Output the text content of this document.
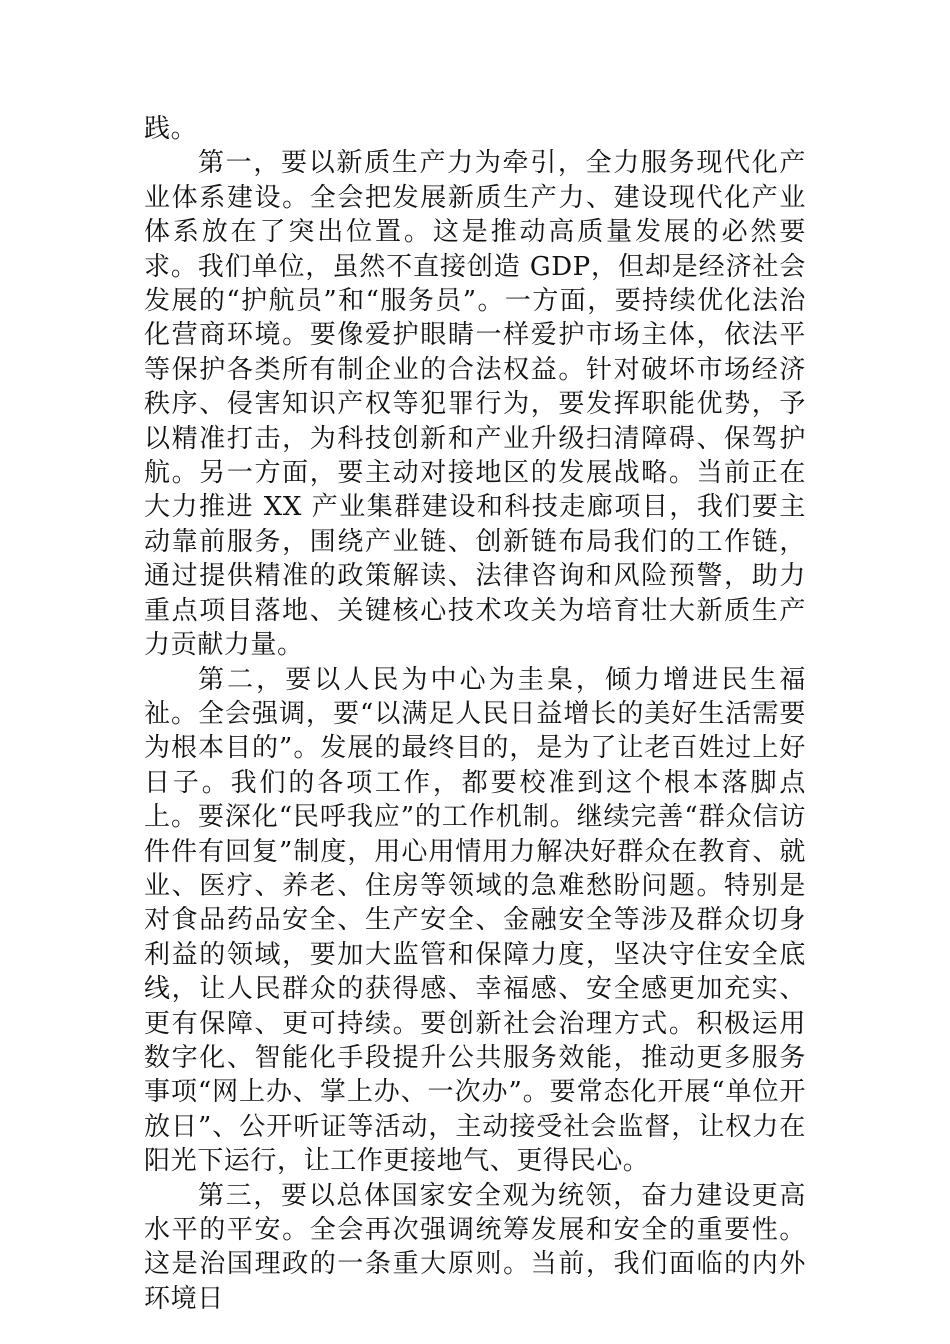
践。

第一，要以新质生产力为牵引，全力服务现代化产业体系建设。全会把发展新质生产力、建设现代化产业体系放在了突出位置。这是推动高质量发展的必然要求。我们单位，虽然不直接创造 GDP，但却是经济社会发展的“护航员”和“服务员”。一方面，要持续优化法治化营商环境。要像爱护眼睛一样爱护市场主体，依法平等保护各类所有制企业的合法权益。针对破坏市场经济秩序、侵害知识产权等犯罪行为，要发挥职能优势，予以精准打击，为科技创新和产业升级扫清障碍、保驾护航。另一方面，要主动对接地区的发展战略。当前正在大力推进 XX 产业集群建设和科技走廊项目，我们要主动靠前服务，围绕产业链、创新链布局我们的工作链，通过提供精准的政策解读、法律咨询和风险预警，助力重点项目落地、关键核心技术攻关为培育壮大新质生产力贡献力量。

第二，要以人民为中心为圭臬，倾力增进民生福祉。全会强调，要“以满足人民日益增长的美好生活需要为根本目的”。发展的最终目的，是为了让老百姓过上好日子。我们的各项工作，都要校准到这个根本落脚点上。要深化“民呼我应”的工作机制。继续完善“群众信访件件有回复”制度，用心用情用力解决好群众在教育、就业、医疗、养老、住房等领域的急难愁盼问题。特别是对食品药品安全、生产安全、金融安全等涉及群众切身利益的领域，要加大监管和保障力度，坚决守住安全底线，让人民群众的获得感、幸福感、安全感更加充实、更有保障、更可持续。要创新社会治理方式。积极运用数字化、智能化手段提升公共服务效能，推动更多服务事项“网上办、掌上办、一次办”。要常态化开展“单位开放日”、公开听证等活动，主动接受社会监督，让权力在阳光下运行，让工作更接地气、更得民心。

第三，要以总体国家安全观为统领，奋力建设更高水平的平安。全会再次强调统筹发展和安全的重要性。这是治国理政的一条重大原则。当前，我们面临的内外环境日
